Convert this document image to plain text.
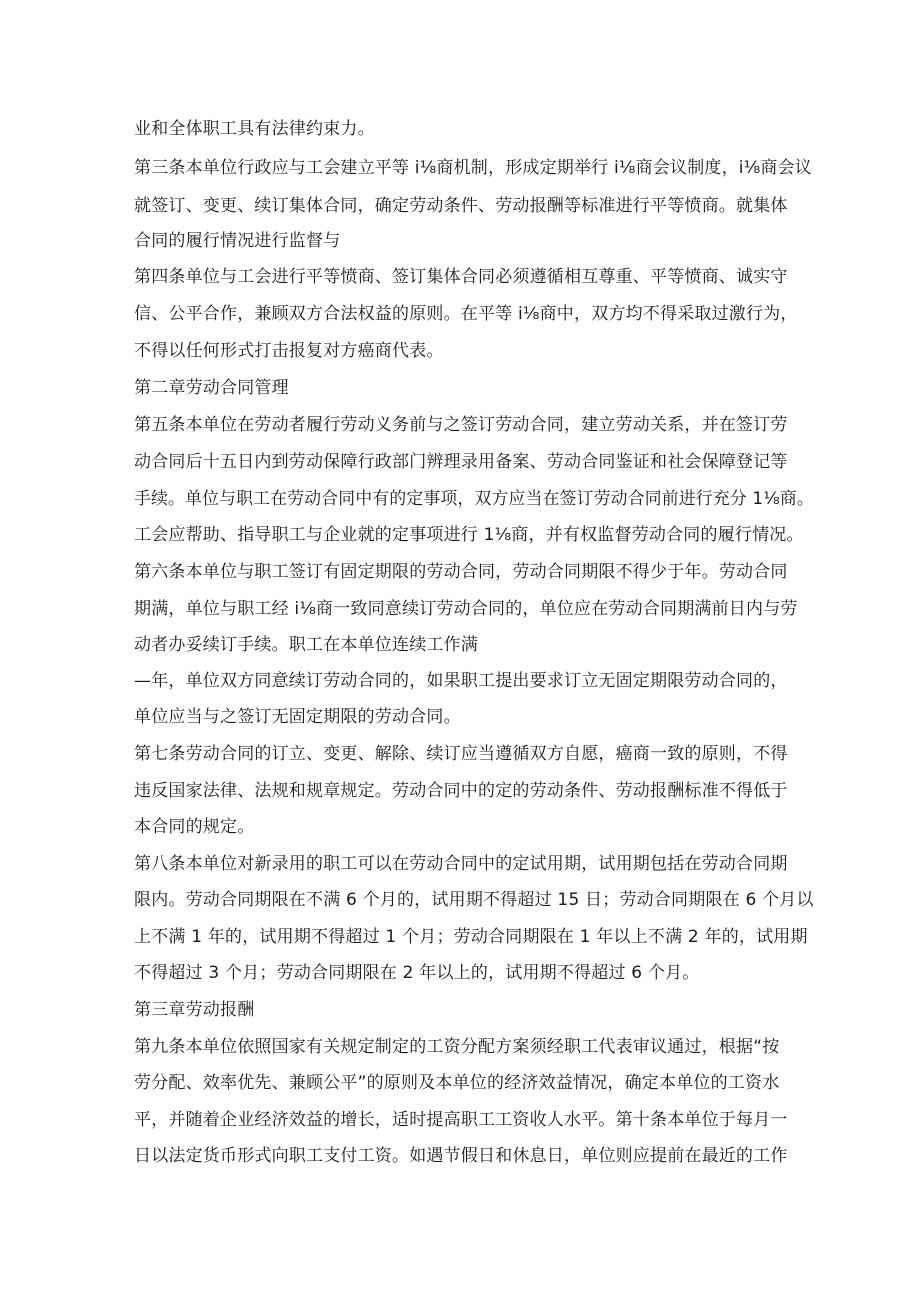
业和全体职工具有法律约束力。
第三条本单位行政应与工会建立平等 i⅛商机制，形成定期举行 i⅛商会议制度，i⅛商会议
就签订、变更、续订集体合同，确定劳动条件、劳动报酬等标准进行平等愤商。就集体
合同的履行情况进行监督与
第四条单位与工会进行平等愤商、签订集体合同必须遵循相互尊重、平等愤商、诚实守
信、公平合作，兼顾双方合法权益的原则。在平等 i⅛商中，双方均不得采取过激行为，
不得以任何形式打击报复对方癌商代表。
第二章劳动合同管理
第五条本单位在劳动者履行劳动义务前与之签订劳动合同，建立劳动关系，并在签订劳
动合同后十五日内到劳动保障行政部门辨理录用备案、劳动合同鉴证和社会保障登记等
手续。单位与职工在劳动合同中有的定事项，双方应当在签订劳动合同前进行充分 1⅛商。
工会应帮助、指导职工与企业就的定事项进行 1⅛商，并有权监督劳动合同的履行情况。
第六条本单位与职工签订有固定期限的劳动合同，劳动合同期限不得少于年。劳动合同
期满，单位与职工经 i⅛商一致同意续订劳动合同的，单位应在劳动合同期满前日内与劳
动者办妥续订手续。职工在本单位连续工作满
—年，单位双方同意续订劳动合同的，如果职工提出要求订立无固定期限劳动合同的，
单位应当与之签订无固定期限的劳动合同。
第七条劳动合同的订立、变更、解除、续订应当遵循双方自愿，癌商一致的原则，不得
违反国家法律、法规和规章规定。劳动合同中的定的劳动条件、劳动报酬标准不得低于
本合同的规定。
第八条本单位对新录用的职工可以在劳动合同中的定试用期，试用期包括在劳动合同期
限内。劳动合同期限在不满 6 个月的，试用期不得超过 15 日；劳动合同期限在 6 个月以
上不满 1 年的，试用期不得超过 1 个月；劳动合同期限在 1 年以上不满 2 年的，试用期
不得超过 3 个月；劳动合同期限在 2 年以上的，试用期不得超过 6 个月。
第三章劳动报酬
第九条本单位依照国家有关规定制定的工资分配方案须经职工代表审议通过，根据“按
劳分配、效率优先、兼顾公平”的原则及本单位的经济效益情况，确定本单位的工资水
平，并随着企业经济效益的增长，适时提高职工工资收人水平。第十条本单位于每月一
日以法定货币形式向职工支付工资。如遇节假日和休息日，单位则应提前在最近的工作
